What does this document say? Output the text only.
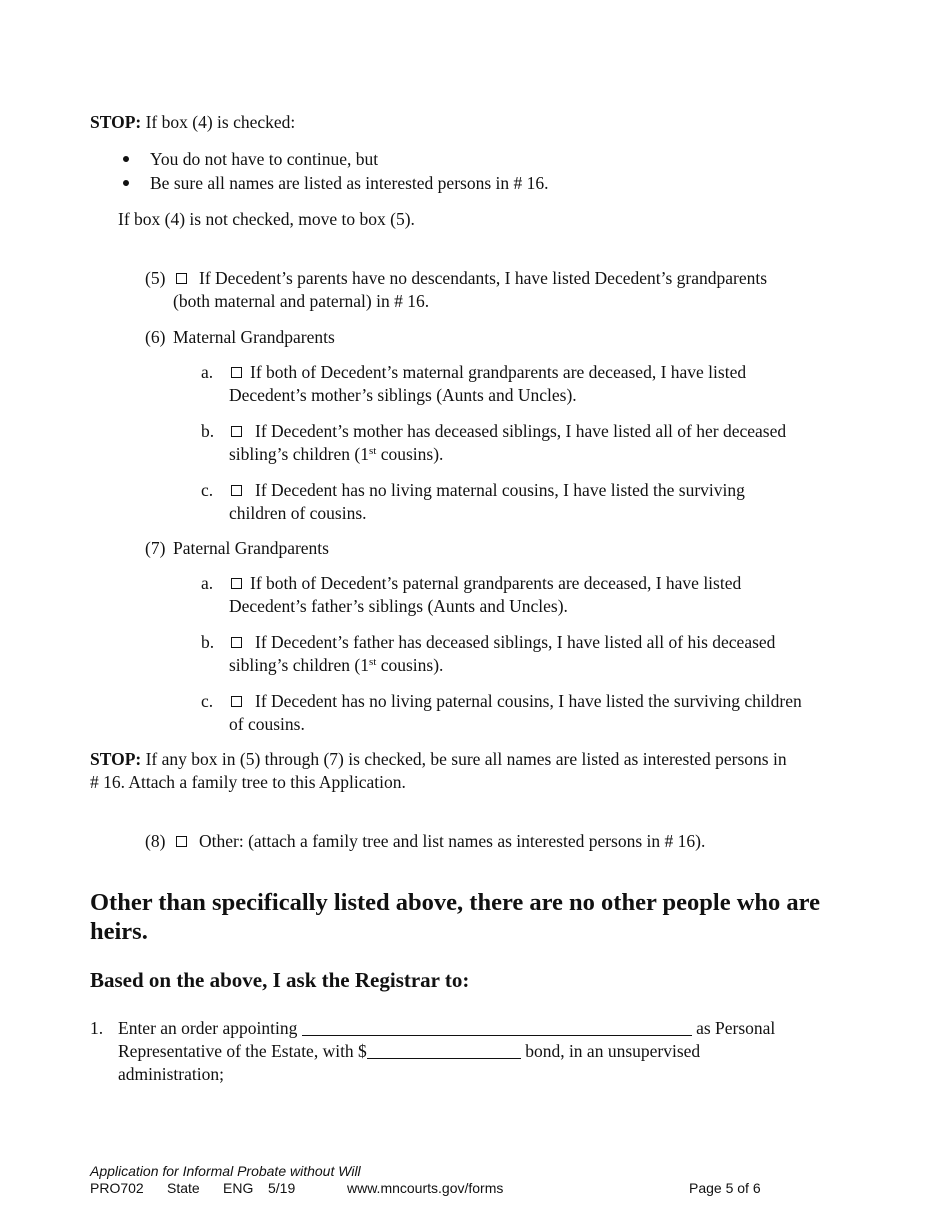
STOP: If box (4) is checked:
You do not have to continue, but
Be sure all names are listed as interested persons in # 16.
If box (4) is not checked, move to box (5).
(5) If Decedent’s parents have no descendants, I have listed Decedent’s grandparents
(both maternal and paternal) in # 16.
(6) Maternal Grandparents
a. If both of Decedent’s maternal grandparents are deceased, I have listed
Decedent’s mother’s siblings (Aunts and Uncles).
b. If Decedent’s mother has deceased siblings, I have listed all of her deceased
sibling’s children (1st cousins).
c. If Decedent has no living maternal cousins, I have listed the surviving
children of cousins.
(7) Paternal Grandparents
a. If both of Decedent’s paternal grandparents are deceased, I have listed
Decedent’s father’s siblings (Aunts and Uncles).
b. If Decedent’s father has deceased siblings, I have listed all of his deceased
sibling’s children (1st cousins).
c. If Decedent has no living paternal cousins, I have listed the surviving children
of cousins.
STOP: If any box in (5) through (7) is checked, be sure all names are listed as interested persons in
# 16. Attach a family tree to this Application.
(8) Other: (attach a family tree and list names as interested persons in # 16).
Other than specifically listed above, there are no other people who are heirs.
Based on the above, I ask the Registrar to:
1. Enter an order appointing	as Personal
Representative of the Estate, with $	bond, in an unsupervised
administration;
Application for Informal Probate without Will
PRO702 State ENG 5/19	www.mncourts.gov/forms	Page 5 of 6
